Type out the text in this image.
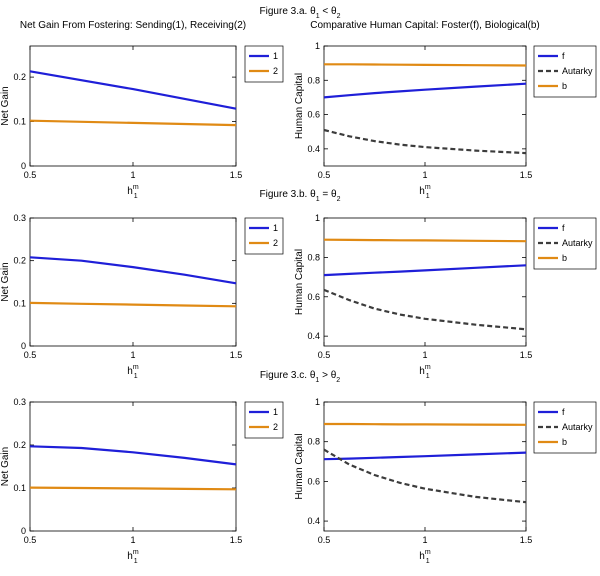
Figure 3.a. $\theta_1 < \theta_2$
Figure 3.b. $\theta_1 = \theta_2$
Figure 3.c. $\theta_1 > \theta_2$
Net Gain From Fostering: Sending(1), Receiving(2)	Comparative Human Capital: Foster(f), Biological(b)
0.5	1	1.5
0
0.1
0.2
$h^m$ 1
Net Gain
1
2
0.5	1	1.5
0.4
0.6
0.8
1
$h^m$ 1
Human Capital
f
Autarky
b
0.5	1	1.5
0
0.1
0.2
0.3
$h^m$ 1
Net Gain
1
2
0.5	1	1.5
0.4
0.6
0.8
1
$h^m$ 1
Human Capital
f
Autarky
b
0.5	1	1.5
0
0.1
0.2
0.3
$h^m$ 1
Net Gain
1
2
0.5	1	1.5
0.4
0.6
0.8
1
$h^m$ 1
Human Capital
f
Autarky
b
